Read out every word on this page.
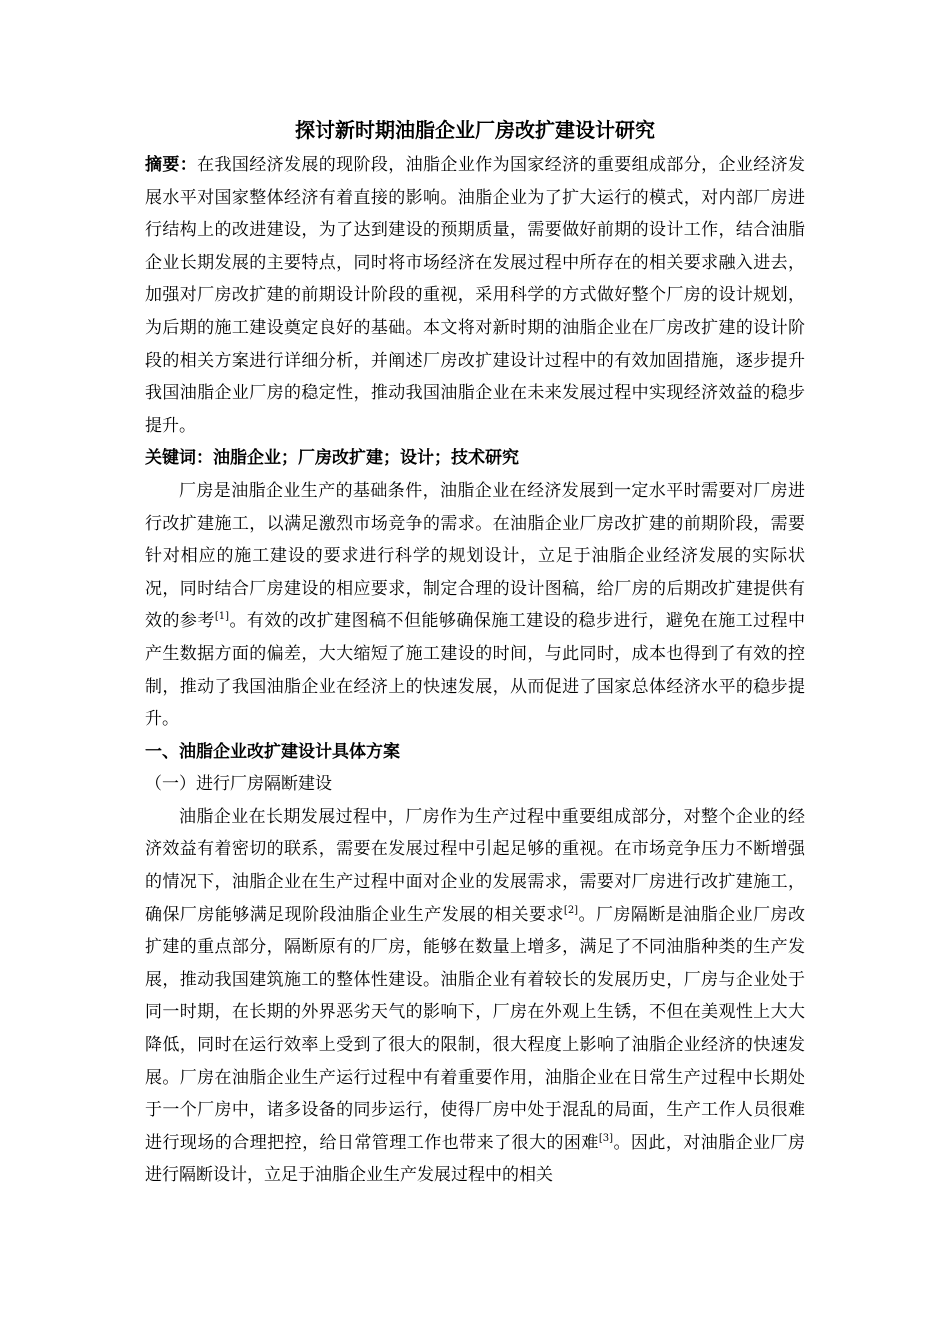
探讨新时期油脂企业厂房改扩建设计研究

摘要：在我国经济发展的现阶段，油脂企业作为国家经济的重要组成部分，企业经济发展水平对国家整体经济有着直接的影响。油脂企业为了扩大运行的模式，对内部厂房进行结构上的改进建设，为了达到建设的预期质量，需要做好前期的设计工作，结合油脂企业长期发展的主要特点，同时将市场经济在发展过程中所存在的相关要求融入进去，加强对厂房改扩建的前期设计阶段的重视，采用科学的方式做好整个厂房的设计规划，为后期的施工建设奠定良好的基础。本文将对新时期的油脂企业在厂房改扩建的设计阶段的相关方案进行详细分析，并阐述厂房改扩建设计过程中的有效加固措施，逐步提升我国油脂企业厂房的稳定性，推动我国油脂企业在未来发展过程中实现经济效益的稳步提升。

关键词：油脂企业；厂房改扩建；设计；技术研究

厂房是油脂企业生产的基础条件，油脂企业在经济发展到一定水平时需要对厂房进行改扩建施工，以满足激烈市场竞争的需求。在油脂企业厂房改扩建的前期阶段，需要针对相应的施工建设的要求进行科学的规划设计，立足于油脂企业经济发展的实际状况，同时结合厂房建设的相应要求，制定合理的设计图稿，给厂房的后期改扩建提供有效的参考[1]。有效的改扩建图稿不但能够确保施工建设的稳步进行，避免在施工过程中产生数据方面的偏差，大大缩短了施工建设的时间，与此同时，成本也得到了有效的控制，推动了我国油脂企业在经济上的快速发展，从而促进了国家总体经济水平的稳步提升。

一、油脂企业改扩建设计具体方案

（一）进行厂房隔断建设

油脂企业在长期发展过程中，厂房作为生产过程中重要组成部分，对整个企业的经济效益有着密切的联系，需要在发展过程中引起足够的重视。在市场竞争压力不断增强的情况下，油脂企业在生产过程中面对企业的发展需求，需要对厂房进行改扩建施工，确保厂房能够满足现阶段油脂企业生产发展的相关要求[2]。厂房隔断是油脂企业厂房改扩建的重点部分，隔断原有的厂房，能够在数量上增多，满足了不同油脂种类的生产发展，推动我国建筑施工的整体性建设。油脂企业有着较长的发展历史，厂房与企业处于同一时期，在长期的外界恶劣天气的影响下，厂房在外观上生锈，不但在美观性上大大降低，同时在运行效率上受到了很大的限制，很大程度上影响了油脂企业经济的快速发展。厂房在油脂企业生产运行过程中有着重要作用，油脂企业在日常生产过程中长期处于一个厂房中，诸多设备的同步运行，使得厂房中处于混乱的局面，生产工作人员很难进行现场的合理把控，给日常管理工作也带来了很大的困难[3]。因此，对油脂企业厂房进行隔断设计，立足于油脂企业生产发展过程中的相关
